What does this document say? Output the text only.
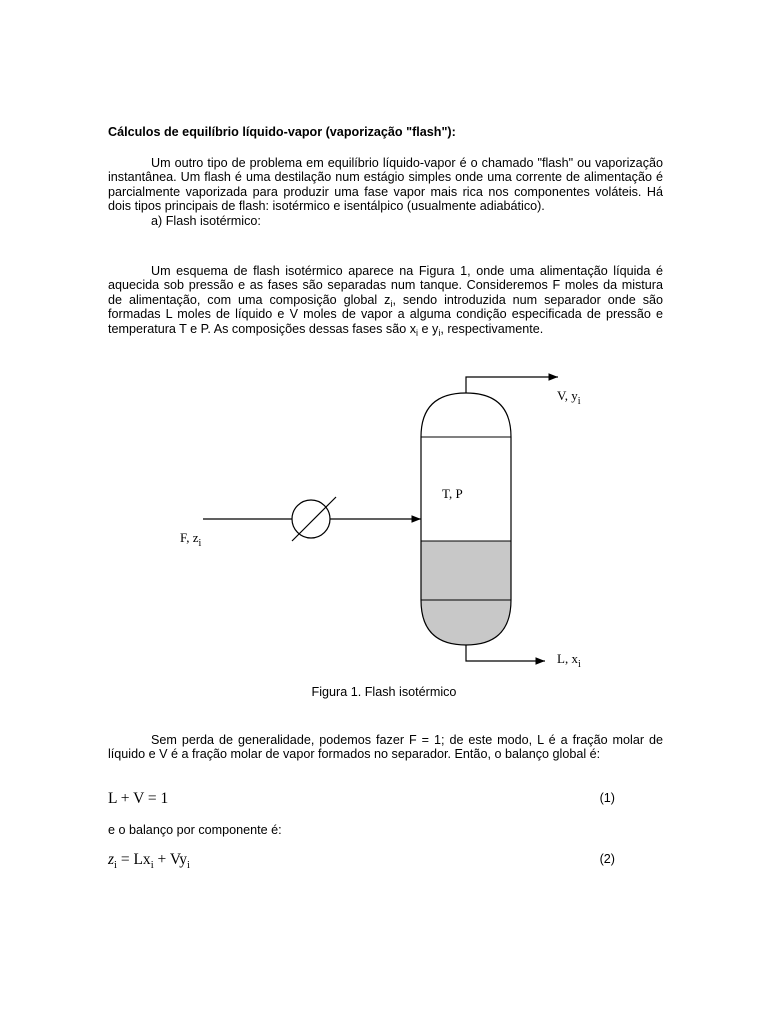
Cálculos de equilíbrio líquido-vapor (vaporização "flash"):

Um outro tipo de problema em equilíbrio líquido-vapor é o chamado "flash" ou vaporização instantânea. Um flash é uma destilação num estágio simples onde uma corrente de alimentação é parcialmente vaporizada para produzir uma fase vapor mais rica nos componentes voláteis. Há dois tipos principais de flash: isotérmico e isentálpico (usualmente adiabático).

a) Flash isotérmico:

Um esquema de flash isotérmico aparece na Figura 1, onde uma alimentação líquida é aquecida sob pressão e as fases são separadas num tanque. Consideremos F moles da mistura de alimentação, com uma composição global $z_i$, sendo introduzida num separador onde são formadas L moles de líquido e V moles de vapor a alguma condição especificada de pressão e temperatura T e P. As composições dessas fases são $x_i$ e $y_i$, respectivamente.

F, $z_i$
V, $y_i$
L, $x_i$
T, P
Figura 1. Flash isotérmico

Sem perda de generalidade, podemos fazer F = 1; de este modo, L é a fração molar de líquido e V é a fração molar de vapor formados no separador. Então, o balanço global é:

L + V = 1	(1)
e o balanço por componente é:
$z_i = Lx_i + Vy_i$	(2)
